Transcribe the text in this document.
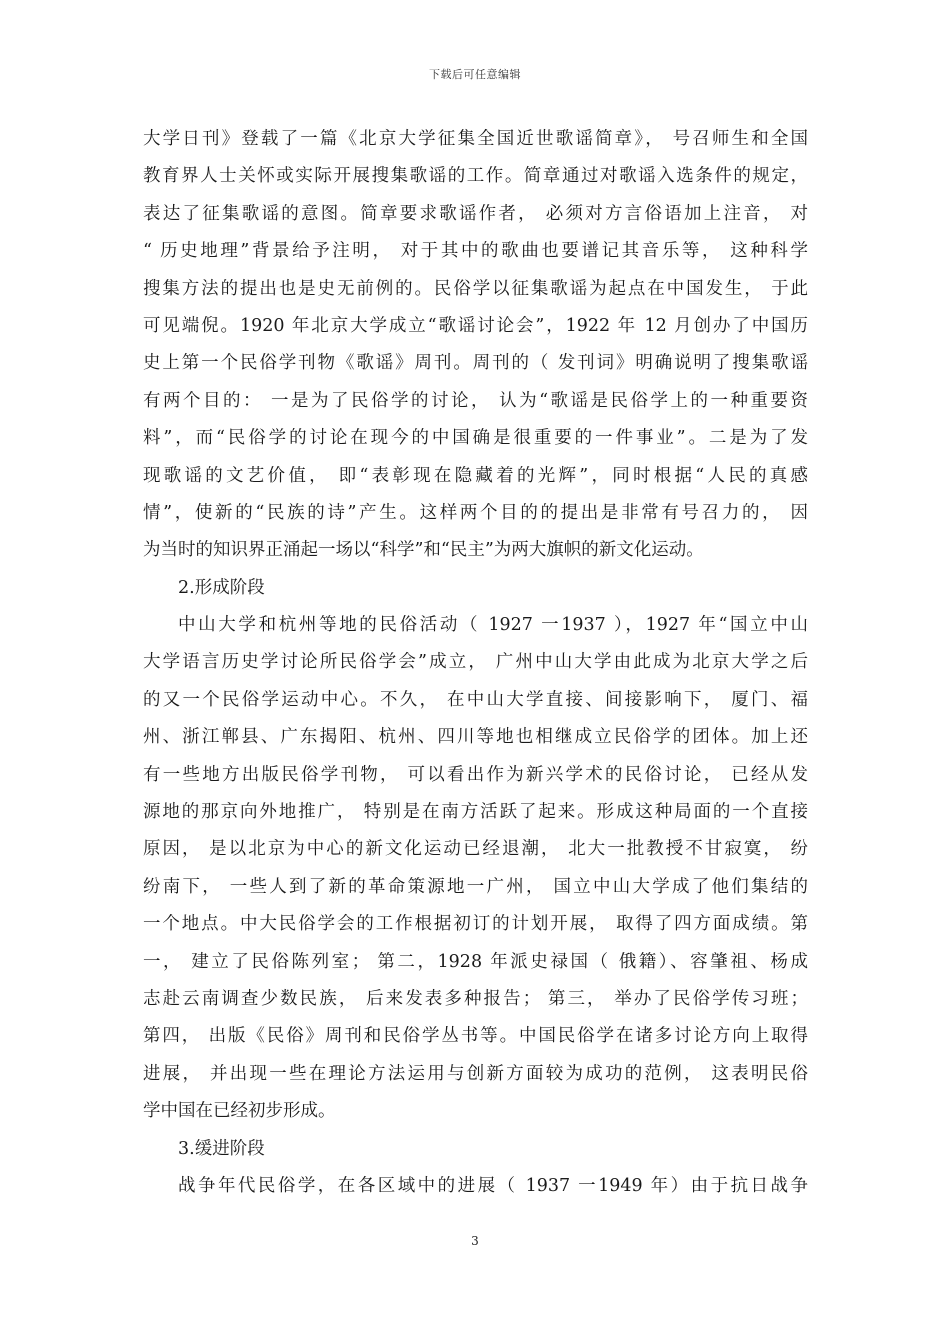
下载后可任意编辑
大学日刊》登载了一篇《北京大学征集全国近世歌谣简章》， 号召师生和全国
教育界人士关怀或实际开展搜集歌谣的工作。简章通过对歌谣入选条件的规定，
表达了征集歌谣的意图。简章要求歌谣作者， 必须对方言俗语加上注音， 对
“ 历史地理”背景给予注明， 对于其中的歌曲也要谱记其音乐等， 这种科学
搜集方法的提出也是史无前例的。民俗学以征集歌谣为起点在中国发生， 于此
可见端倪。1920 年北京大学成立“歌谣讨论会”，1922 年 12 月创办了中国历
史上第一个民俗学刊物《歌谣》周刊。周刊的（ 发刊词》明确说明了搜集歌谣
有两个目的： 一是为了民俗学的讨论， 认为“歌谣是民俗学上的一种重要资
料”，而“民俗学的讨论在现今的中国确是很重要的一件事业”。二是为了发
现歌谣的文艺价值， 即“表彰现在隐藏着的光辉”，同时根据“人民的真感
情”，使新的“民族的诗”产生。这样两个目的的提出是非常有号召力的， 因
为当时的知识界正涌起一场以“科学”和“民主”为两大旗帜的新文化运动。
2.形成阶段
中山大学和杭州等地的民俗活动（ 1927 一1937 ），1927 年“国立中山
大学语言历史学讨论所民俗学会”成立， 广州中山大学由此成为北京大学之后
的又一个民俗学运动中心。不久， 在中山大学直接、间接影响下， 厦门、福
州、浙江郸县、广东揭阳、杭州、四川等地也相继成立民俗学的团体。加上还
有一些地方出版民俗学刊物， 可以看出作为新兴学术的民俗讨论， 已经从发
源地的那京向外地推广， 特别是在南方活跃了起来。形成这种局面的一个直接
原因， 是以北京为中心的新文化运动已经退潮， 北大一批教授不甘寂寞， 纷
纷南下， 一些人到了新的革命策源地一广州， 国立中山大学成了他们集结的
一个地点。中大民俗学会的工作根据初订的计划开展， 取得了四方面成绩。第
一， 建立了民俗陈列室； 第二，1928 年派史禄国（ 俄籍）、容肇祖、杨成
志赴云南调查少数民族， 后来发表多种报告； 第三， 举办了民俗学传习班；
第四， 出版《民俗》周刊和民俗学丛书等。中国民俗学在诸多讨论方向上取得
进展， 并出现一些在理论方法运用与创新方面较为成功的范例， 这表明民俗
学中国在已经初步形成。
3.缓进阶段
战争年代民俗学，在各区域中的进展（ 1937 一1949 年）由于抗日战争
3
